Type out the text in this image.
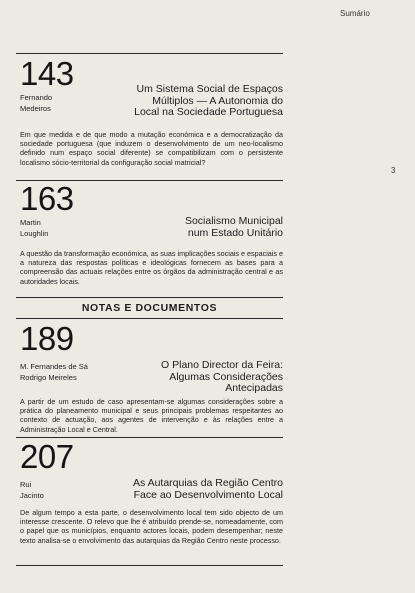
Sumário
3
143
Fernando
Medeiros
Um Sistema Social de Espaços
Múltiplos — A Autonomia do
Local na Sociedade Portuguesa
Em que medida e de que modo a mutação económica e a democratização da sociedade portuguesa (que induzem o desenvolvimento de um neo-localismo definido num espaço social diferente) se compatibilizam com o persistente localismo sócio-territorial da configuração social matricial?
163
Martin
Loughlin
Socialismo Municipal
num Estado Unitário
A questão da transformação económica, as suas implicações sociais e espaciais e a natureza das respostas políticas e ideológicas fornecem as bases para a compreensão das actuais relações entre os órgãos da administração central e as autoridades locais.
NOTAS E DOCUMENTOS
189
M. Fernandes de Sá
Rodrigo Meireles
O Plano Director da Feira:
Algumas Considerações
Antecipadas
A partir de um estudo de caso apresentam-se algumas considerações sobre a prática do planeamento municipal e seus principais problemas respeitantes ao contexto de actuação, aos agentes de intervenção e às relações entre a Administração Local e Central.
207
Rui
Jacinto
As Autarquias da Região Centro
Face ao Desenvolvimento Local
De algum tempo a esta parte, o desenvolvimento local tem sido objecto de um interesse crescente. O relevo que lhe é atribuído prende-se, nomeadamente, com o papel que os municípios, enquanto actores locais, podem desempenhar; neste texto analisa-se o envolvimento das autarquias da Região Centro neste processo.
